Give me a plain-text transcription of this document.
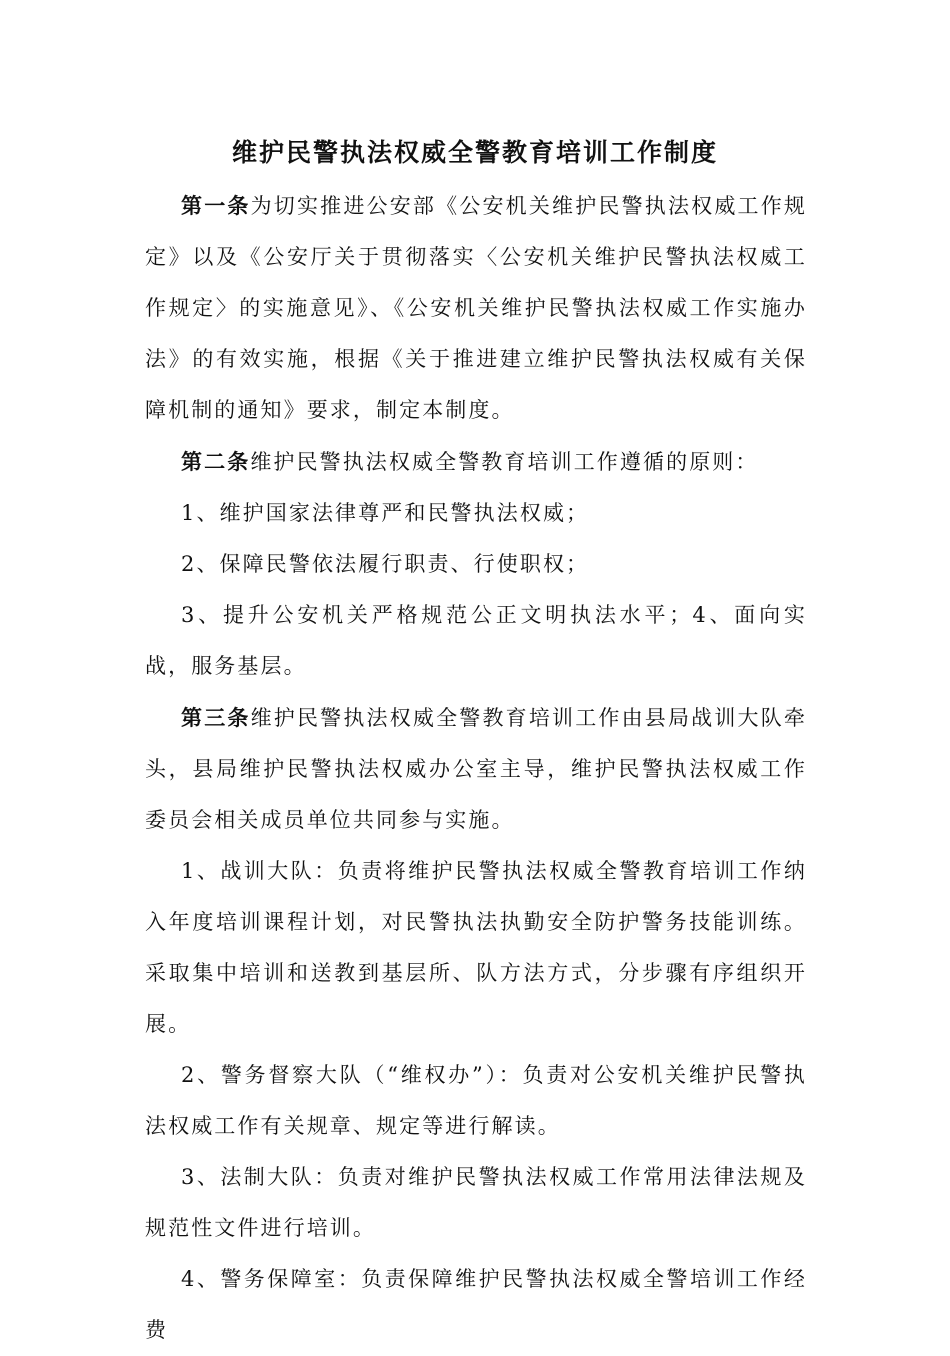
维护民警执法权威全警教育培训工作制度

第一条为切实推进公安部《公安机关维护民警执法权威工作规定》以及《公安厅关于贯彻落实〈公安机关维护民警执法权威工作规定〉的实施意见》、《公安机关维护民警执法权威工作实施办法》的有效实施，根据《关于推进建立维护民警执法权威有关保障机制的通知》要求，制定本制度。

第二条维护民警执法权威全警教育培训工作遵循的原则：

1、维护国家法律尊严和民警执法权威；

2、保障民警依法履行职责、行使职权；

3、提升公安机关严格规范公正文明执法水平；4、面向实战，服务基层。

第三条维护民警执法权威全警教育培训工作由县局战训大队牵头，县局维护民警执法权威办公室主导，维护民警执法权威工作委员会相关成员单位共同参与实施。

1、战训大队：负责将维护民警执法权威全警教育培训工作纳入年度培训课程计划，对民警执法执勤安全防护警务技能训练。采取集中培训和送教到基层所、队方法方式，分步骤有序组织开展。

2、警务督察大队（“维权办”）：负责对公安机关维护民警执法权威工作有关规章、规定等进行解读。

3、法制大队：负责对维护民警执法权威工作常用法律法规及规范性文件进行培训。

4、警务保障室：负责保障维护民警执法权威全警培训工作经费
